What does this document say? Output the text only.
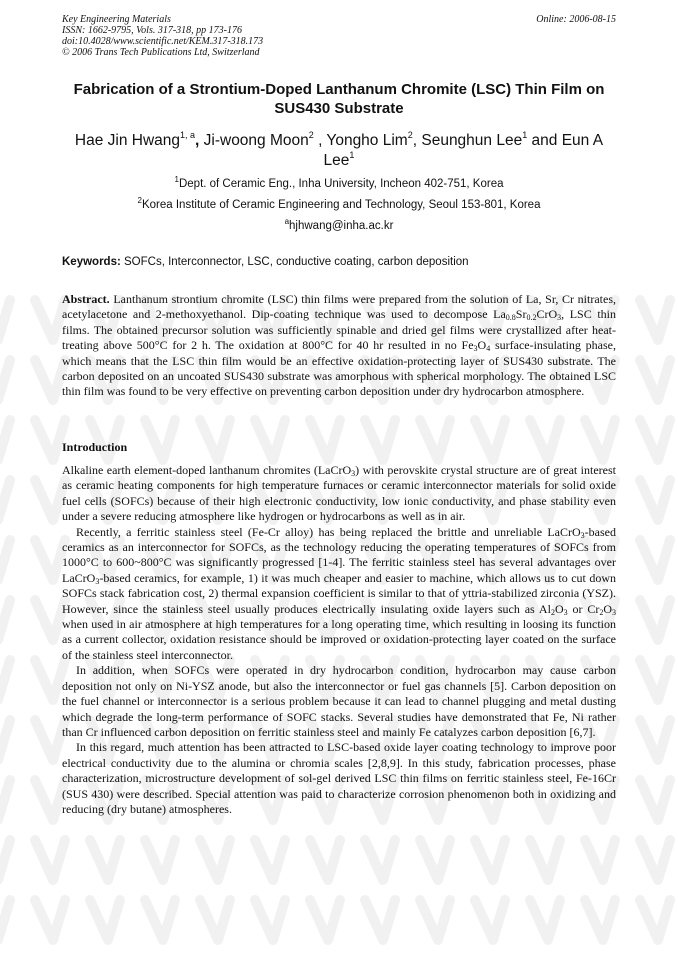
Key Engineering Materials
ISSN: 1662-9795, Vols. 317-318, pp 173-176
doi:10.4028/www.scientific.net/KEM.317-318.173
© 2006 Trans Tech Publications Ltd, Switzerland
Online: 2006-08-15
Fabrication of a Strontium-Doped Lanthanum Chromite (LSC) Thin Film on SUS430 Substrate
Hae Jin Hwang$^{1, a}$, Ji-woong Moon$^2$ , Yongho Lim$^2$, Seunghun Lee$^1$ and Eun A Lee$^1$
$^1$Dept. of Ceramic Eng., Inha University, Incheon 402-751, Korea
$^2$Korea Institute of Ceramic Engineering and Technology, Seoul 153-801, Korea
$^a$hjhwang@inha.ac.kr
Keywords: SOFCs, Interconnector, LSC, conductive coating, carbon deposition

Abstract. Lanthanum strontium chromite (LSC) thin films were prepared from the solution of La, Sr, Cr nitrates, acetylacetone and 2-methoxyethanol. Dip-coating technique was used to decompose $La_{0.8}Sr_{0.2}CrO_3$, LSC thin films. The obtained precursor solution was sufficiently spinable and dried gel films were crystallized after heat-treating above 500°C for 2 h. The oxidation at 800°C for 40 hr resulted in no $Fe_3O_4$ surface-insulating phase, which means that the LSC thin film would be an effective oxidation-protecting layer of SUS430 substrate. The carbon deposited on an uncoated SUS430 substrate was amorphous with spherical morphology. The obtained LSC thin film was found to be very effective on preventing carbon deposition under dry hydrocarbon atmosphere.

Introduction

Alkaline earth element-doped lanthanum chromites (LaCrO$_3$) with perovskite crystal structure are of great interest as ceramic heating components for high temperature furnaces or ceramic interconnector materials for solid oxide fuel cells (SOFCs) because of their high electronic conductivity, low ionic conductivity, and phase stability even under a severe reducing atmosphere like hydrogen or hydrocarbons as well as in air.

Recently, a ferritic stainless steel (Fe-Cr alloy) has being replaced the brittle and unreliable LaCrO$_3$-based ceramics as an interconnector for SOFCs, as the technology reducing the operating temperatures of SOFCs from 1000°C to 600~800°C was significantly progressed [1-4]. The ferritic stainless steel has several advantages over LaCrO$_3$-based ceramics, for example, 1) it was much cheaper and easier to machine, which allows us to cut down SOFCs stack fabrication cost, 2) thermal expansion coefficient is similar to that of yttria-stabilized zirconia (YSZ). However, since the stainless steel usually produces electrically insulating oxide layers such as $Al_2O_3$ or $Cr_2O_3$ when used in air atmosphere at high temperatures for a long operating time, which resulting in loosing its function as a current collector, oxidation resistance should be improved or oxidation-protecting layer coated on the surface of the stainless steel interconnector.

In addition, when SOFCs were operated in dry hydrocarbon condition, hydrocarbon may cause carbon deposition not only on Ni-YSZ anode, but also the interconnector or fuel gas channels [5]. Carbon deposition on the fuel channel or interconnector is a serious problem because it can lead to channel plugging and metal dusting which degrade the long-term performance of SOFC stacks. Several studies have demonstrated that Fe, Ni rather than Cr influenced carbon deposition on ferritic stainless steel and mainly Fe catalyzes carbon deposition [6,7].

In this regard, much attention has been attracted to LSC-based oxide layer coating technology to improve poor electrical conductivity due to the alumina or chromia scales [2,8,9]. In this study, fabrication processes, phase characterization, microstructure development of sol-gel derived LSC thin films on ferritic stainless steel, Fe-16Cr (SUS 430) were described. Special attention was paid to characterize corrosion phenomenon both in oxidizing and reducing (dry butane) atmospheres.
